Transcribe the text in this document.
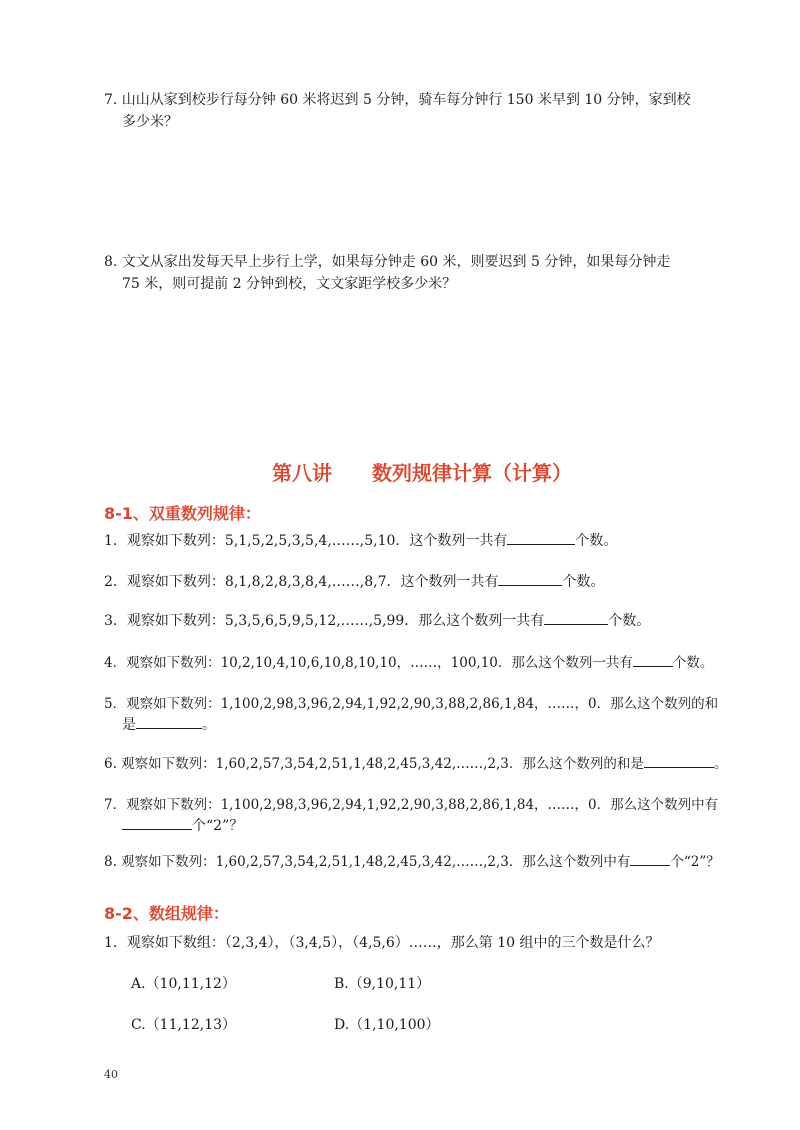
7. 山山从家到校步行每分钟 60 米将迟到 5 分钟，骑车每分钟行 150 米早到 10 分钟，家到校
多少米？
8. 文文从家出发每天早上步行上学，如果每分钟走 60 米，则要迟到 5 分钟，如果每分钟走
75 米，则可提前 2 分钟到校，文文家距学校多少米？
第八讲　　数列规律计算（计算）
8-1、双重数列规律：
1．观察如下数列：5,1,5,2,5,3,5,4,……,5,10．这个数列一共有	个数。
2．观察如下数列：8,1,8,2,8,3,8,4,……,8,7．这个数列一共有	个数。
3．观察如下数列：5,3,5,6,5,9,5,12,……,5,99．那么这个数列一共有	个数。
4．观察如下数列：10,2,10,4,10,6,10,8,10,10，……，100,10．那么这个数列一共有	个数。
5．观察如下数列：1,100,2,98,3,96,2,94,1,92,2,90,3,88,2,86,1,84，……，0．那么这个数列的和
是	。
6. 观察如下数列：1,60,2,57,3,54,2,51,1,48,2,45,3,42,……,2,3．那么这个数列的和是	。
7．观察如下数列：1,100,2,98,3,96,2,94,1,92,2,90,3,88,2,86,1,84，……，0．那么这个数列中有
个“2”？
8. 观察如下数列：1,60,2,57,3,54,2,51,1,48,2,45,3,42,……,2,3．那么这个数列中有	个“2”？
8-2、数组规律：
1．观察如下数组：（2,3,4），（3,4,5），（4,5,6）……，那么第 10 组中的三个数是什么？
A.（10,11,12）	B.（9,10,11）
C.（11,12,13）	D.（1,10,100）
40
